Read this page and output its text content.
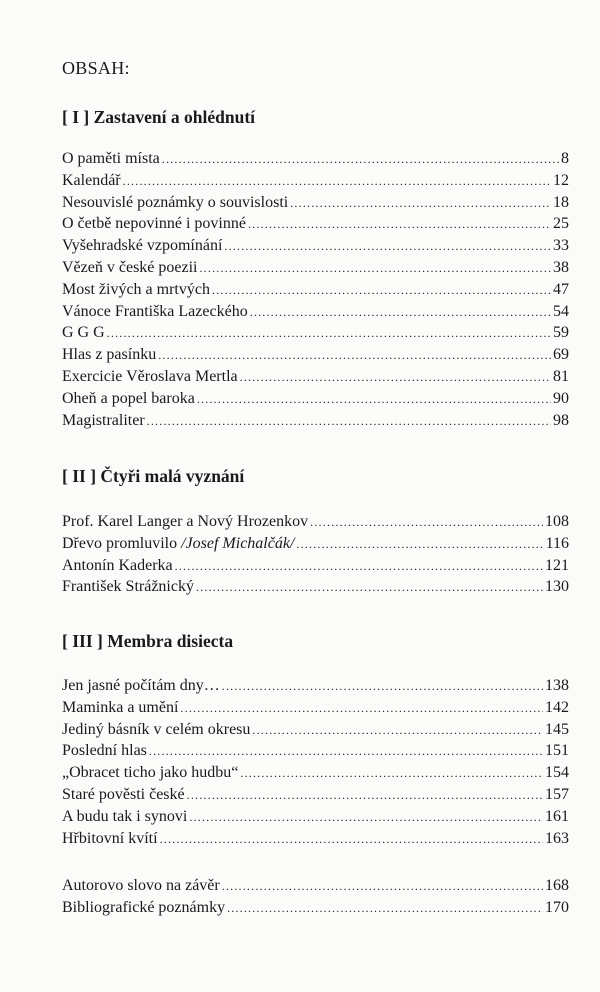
OBSAH:
[ I ] Zastavení a ohlédnutí
O paměti místa .....	8
Kalendář .....	12
Nesouvislé poznámky o souvislosti .....	18
O četbě nepovinné i povinné .....	25
Vyšehradské vzpomínání .....	33
Vězeň v české poezii .....	38
Most živých a mrtvých .....	47
Vánoce Františka Lazeckého .....	54
G G G .....	59
Hlas z pasínku .....	69
Exercicie Věroslava Mertla .....	81
Oheň a popel baroka .....	90
Magistraliter .....	98
[ II ] Čtyři malá vyznání
Prof. Karel Langer a Nový Hrozenkov .....	108
Dřevo promluvilo /Josef Michalčák/ .....	116
Antonín Kaderka .....	121
František Strážnický .....	130
[ III ] Membra disiecta
Jen jasné počítám dny… .....	138
Maminka a umění .....	142
Jediný básník v celém okresu .....	145
Poslední hlas .....	151
„Obracet ticho jako hudbu“ .....	154
Staré pověsti české .....	157
A budu tak i synovi .....	161
Hřbitovní kvítí .....	163
Autorovo slovo na závěr .....	168
Bibliografické poznámky .....	170
